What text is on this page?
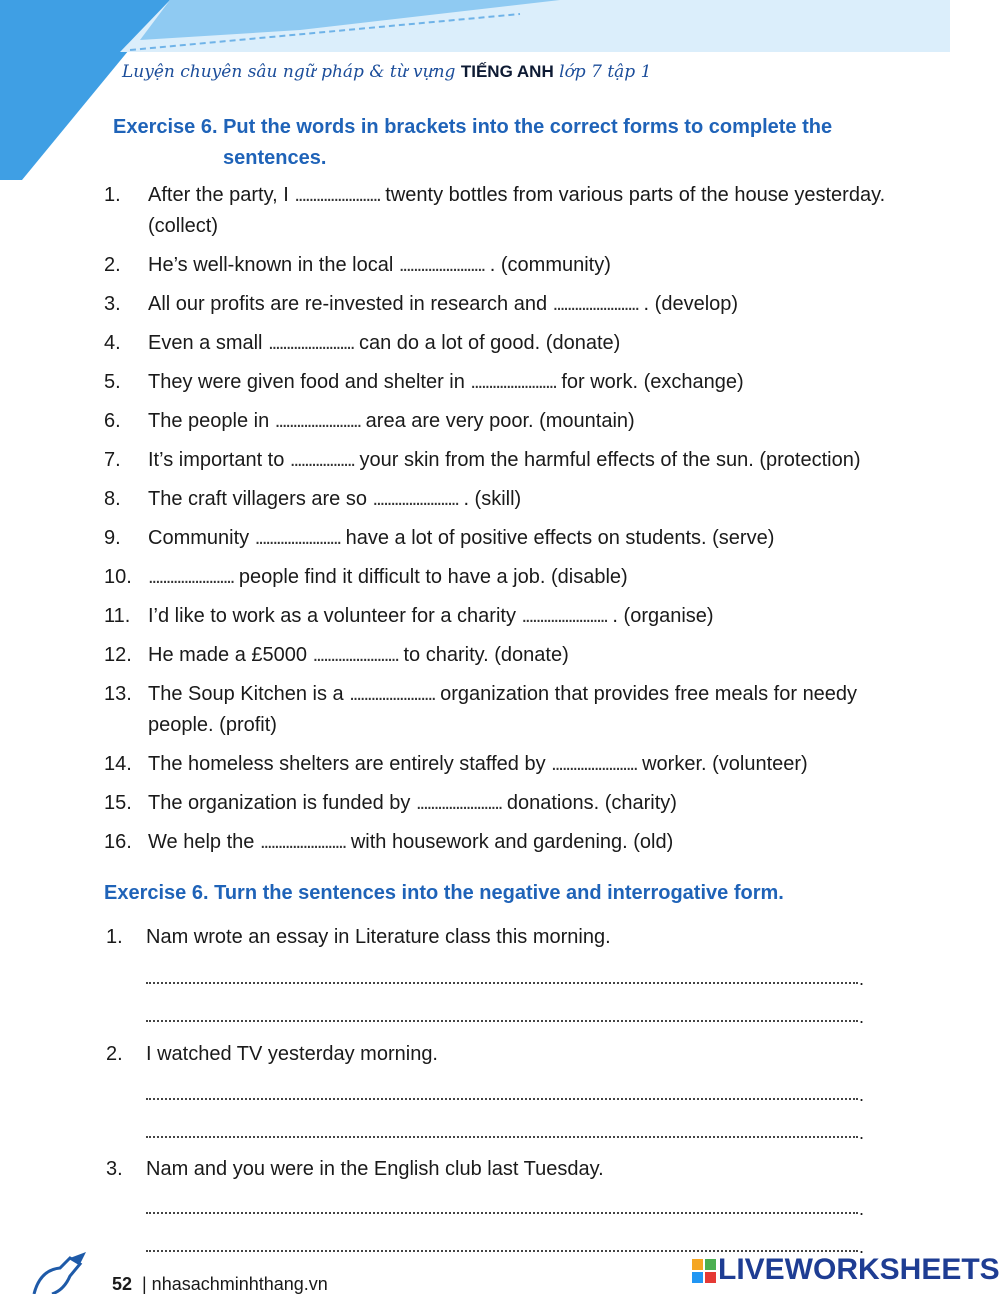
Luyện chuyên sâu ngữ pháp & từ vựng TIẾNG ANH lớp 7 tập 1
Exercise 6. Put the words in brackets into the correct forms to complete the
sentences.
1. After the party, I ........................ twenty bottles from various parts of the house yesterday. (collect)
2. He’s well-known in the local ........................ . (community)
3. All our profits are re-invested in research and ........................ . (develop)
4. Even a small ........................ can do a lot of good. (donate)
5. They were given food and shelter in ........................ for work. (exchange)
6. The people in ........................ area are very poor. (mountain)
7. It’s important to .................. your skin from the harmful effects of the sun. (protection)
8. The craft villagers are so ........................ . (skill)
9. Community ........................ have a lot of positive effects on students. (serve)
10. ........................ people find it difficult to have a job. (disable)
11. I’d like to work as a volunteer for a charity ........................ . (organise)
12. He made a £5000 ........................ to charity. (donate)
13. The Soup Kitchen is a ........................ organization that provides free meals for needy people. (profit)
14. The homeless shelters are entirely staffed by ........................ worker. (volunteer)
15. The organization is funded by ........................ donations. (charity)
16. We help the ........................ with housework and gardening. (old)
Exercise 6. Turn the sentences into the negative and interrogative form.
1. Nam wrote an essay in Literature class this morning.
.
.
2. I watched TV yesterday morning.
.
.
3. Nam and you were in the English club last Tuesday.
.
.
52 | nhasachminhthang.vn	LIVEWORKSHEETS
